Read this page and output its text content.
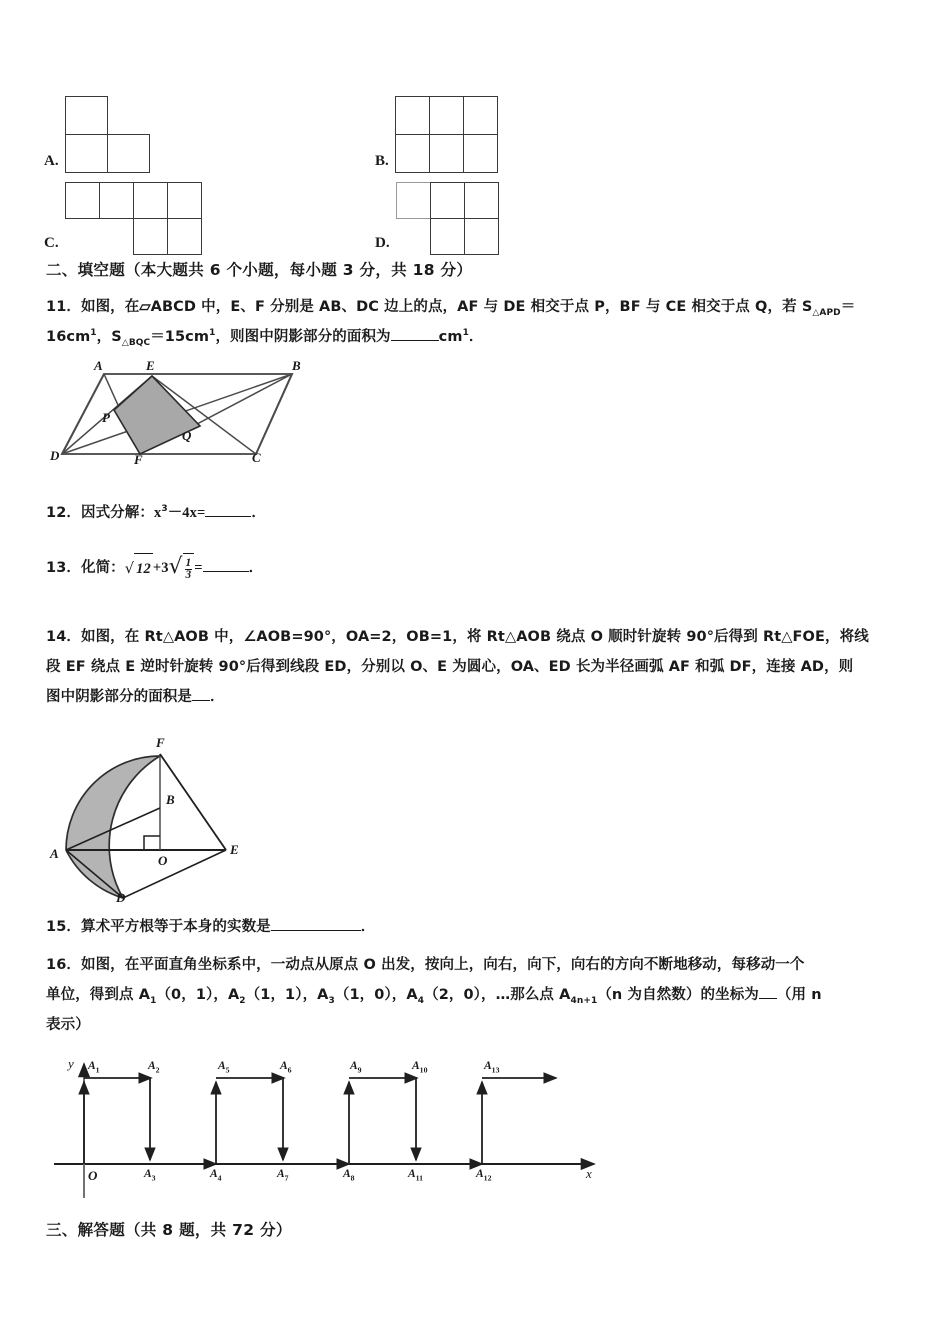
A.	B.
C.	D.
二、填空题（本大题共 6 个小题，每小题 3 分，共 18 分）
11．如图，在▱ABCD 中，E、F 分别是 AB、DC 边上的点，AF 与 DE 相交于点 P，BF 与 CE 相交于点 Q，若 $S_{\triangle APD}=$
$16cm^1$，$S_{\triangle BQC}=15cm^1$，则图中阴影部分的面积为	$cm^1$．
A	E	B
D	F	C
P
Q
12．因式分解：$x^3-4x=$	．
13．化简：√ $12 +3√ \frac{1}{3}$ =	．
14．如图，在 Rt△AOB 中，∠AOB=90°，OA=2，OB=1，将 Rt△AOB 绕点 O 顺时针旋转 90°后得到 Rt△FOE，将线
段 EF 绕点 E 逆时针旋转 90°后得到线段 ED，分别以 O、E 为圆心，OA、ED 长为半径画弧 AF 和弧 DF，连接 AD，则
图中阴影部分的面积是 ．
F
B
A	O
E
D
15．算术平方根等于本身的实数是	．
16．如图，在平面直角坐标系中，一动点从原点 O 出发，按向上，向右，向下，向右的方向不断地移动，每移动一个
单位，得到点 $A_1(0$，1），$A_2(1$，1），$A_3(1$，0），$A_4(2$，0），…那么点 $A_{4n+1}(n$ 为自然数）的坐标为 （用 n
表示）
y
x
O
$A_1$	$A_2$	$A_5$	$A_6$	$A_9$	$A_{10}$	$A_{13}$
$A_3$	$A_4$	$A_7$	$A_8$	$A_{11}$	$A_{12}$
三、解答题（共 8 题，共 72 分）
